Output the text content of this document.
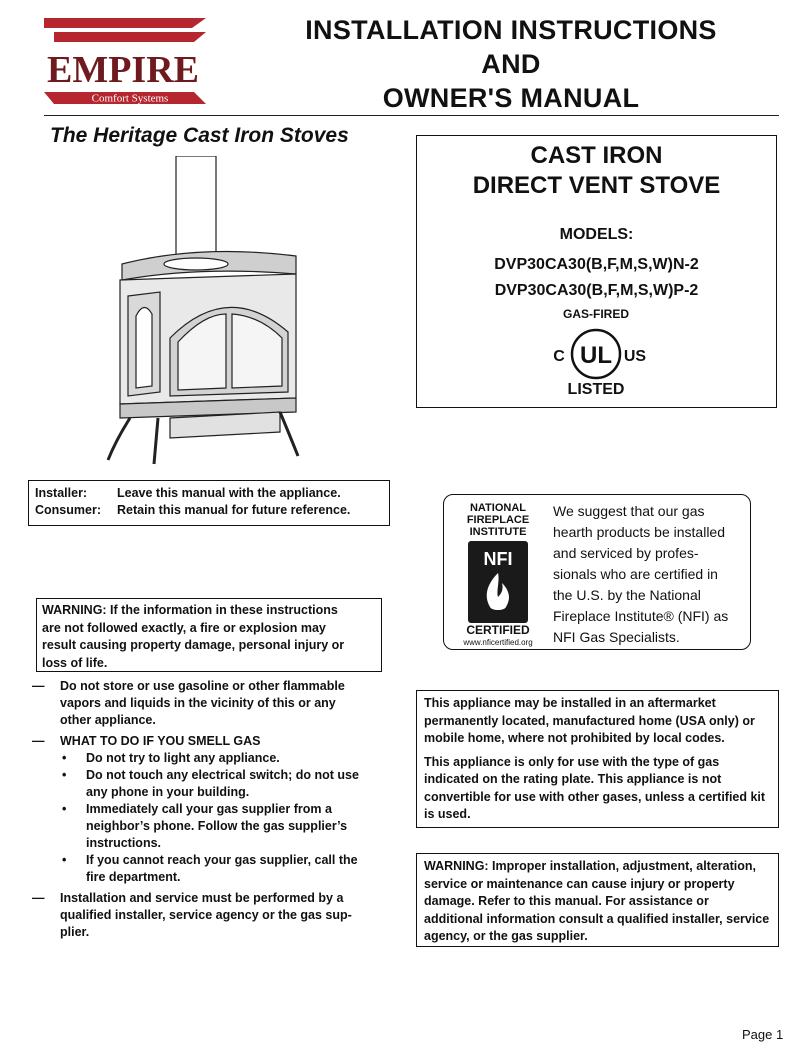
EMPIRE
Comfort Systems
INSTALLATION INSTRUCTIONS
AND
OWNER'S MANUAL
The Heritage Cast Iron Stoves
CAST IRON
DIRECT VENT STOVE
MODELS:
DVP30CA30(B,F,M,S,W)N-2
DVP30CA30(B,F,M,S,W)P-2
GAS-FIRED
C UL US
LISTED
Installer: Leave this manual with the appliance.
Consumer: Retain this manual for future reference.	NATIONAL
FIREPLACE
INSTITUTE
NFI
CERTIFIED
www.nficertified.org
We suggest that our gas
hearth products be installed
and serviced by profes-
sionals who are certified in
the U.S. by the National
Fireplace Institute® (NFI) as
NFI Gas Specialists.
WARNING: If the information in these instructions
are not followed exactly, a fire or explosion may
result causing property damage, personal injury or
loss of life.
— Do not store or use gasoline or other flammable
vapors and liquids in the vicinity of this or any
other appliance.
— WHAT TO DO IF YOU SMELL GAS
• Do not try to light any appliance.
• Do not touch any electrical switch; do not use
any phone in your building.
• Immediately call your gas supplier from a
neighbor’s phone. Follow the gas supplier’s
instructions.
• If you cannot reach your gas supplier, call the
fire department.
— Installation and service must be performed by a
qualified installer, service agency or the gas sup-
plier.

This appliance may be installed in an aftermarket permanently located, manufactured home (USA only) or mobile home, where not prohibited by local codes.

This appliance is only for use with the type of gas indicated on the rating plate. This appliance is not convertible for use with other gases, unless a certified kit is used.

WARNING: Improper installation, adjustment, alteration, service or maintenance can cause injury or property damage. Refer to this manual. For assistance or additional information consult a qualified installer, service agency, or the gas supplier.
Page 1
